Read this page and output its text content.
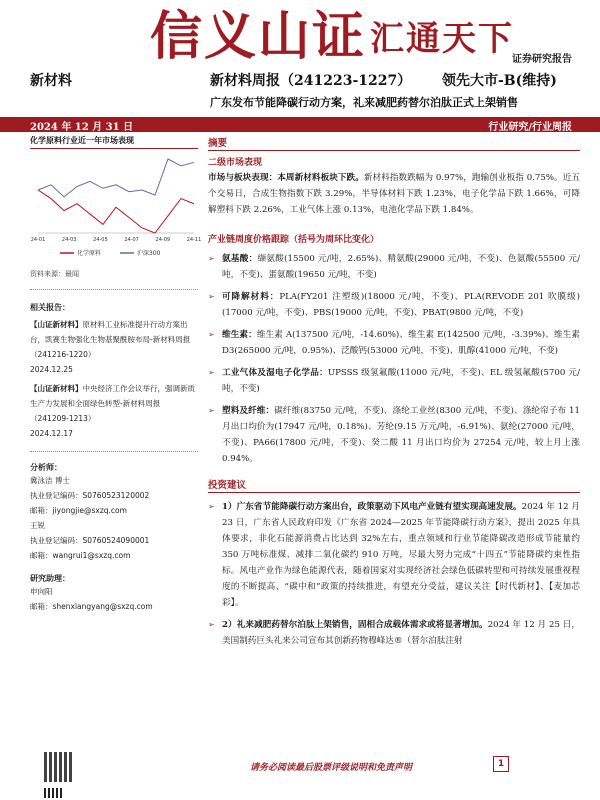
信义山证 汇通天下
证券研究报告
新材料	新材料周报（241223-1227） 领先大市-B(维持)
广东发布节能降碳行动方案，礼来减肥药替尔泊肽正式上架销售
2024 年 12 月 31 日	行业研究/行业周报
化学原料行业近一年市场表现
24-01	24-03	24-05	24-07	24-09	24-11
化学原料	沪深300
资料来源：最闻
相关报告：
【山证新材料】原材料工业标准提升行动方案出台，凯赛生物强化生物基聚酰胺布局-新材料周报（241216-1220）
2024.12.25
【山证新材料】中央经济工作会议举行，强调新质生产力发展和全面绿色转型-新材料周报（241209-1213）
2024.12.17
分析师：
冀泳洁 博士
执业登记编码：S0760523120002
邮箱：jiyongjie@sxzq.com
王锐
执业登记编码：S0760524090001
邮箱：wangrui1@sxzq.com
研究助理：
申向阳
邮箱：shenxiangyang@sxzq.com
摘要
二级市场表现
市场与板块表现：本周新材料板块下跌。新材料指数跌幅为 0.97%，跑输创业板指 0.75%。近五个交易日，合成生物指数下跌 3.29%，半导体材料下跌 1.23%，电子化学品下跌 1.66%，可降解塑料下跌 2.26%，工业气体上涨 0.13%，电池化学品下跌 1.84%。
产业链周度价格跟踪（括号为周环比变化）
➢ 氨基酸：缬氨酸(15500 元/吨，2.65%)、精氨酸(29000 元/吨，不变)、色氨酸(55500 元/吨，不变)、蛋氨酸(19650 元/吨，不变)
➢ 可降解材料：PLA(FY201 注塑级)(18000 元/吨，不变)、PLA(REVODE 201 吹膜级)(17000 元/吨，不变)、PBS(19000 元/吨，不变)、PBAT(9800 元/吨，不变)
➢ 维生素：维生素 A(137500 元/吨，-14.60%)、维生素 E(142500 元/吨，-3.39%)、维生素 D3(265000 元/吨，0.95%)、泛酸钙(53000 元/吨，不变)、肌醇(41000 元/吨，不变)
➢ 工业气体及湿电子化学品：UPSSS 级氢氟酸(11000 元/吨，不变)、EL 级氢氟酸(5700 元/吨，不变)
➢ 塑料及纤维：碳纤维(83750 元/吨，不变)、涤纶工业丝(8300 元/吨，不变)、涤纶帘子布 11 月出口均价为(17947 元/吨，0.18%)、芳纶(9.15 万元/吨，-6.91%)、氨纶(27000 元/吨，不变)、PA66(17800 元/吨，不变)、癸二酸 11 月出口均价为 27254 元/吨，较上月上涨 0.94%。
投资建议
➢ 1）广东省节能降碳行动方案出台，政策驱动下风电产业链有望实现高速发展。2024 年 12 月 23 日，广东省人民政府印发《广东省 2024—2025 年节能降碳行动方案》，提出 2025 年具体要求，非化石能源消费占比达到 32%左右，重点领域和行业节能降碳改造形成节能量约 350 万吨标准煤、减排二氧化碳约 910 万吨，尽最大努力完成“十四五”节能降碳约束性指标。风电产业作为绿色能源代表，随着国家对实现经济社会绿色低碳转型和可持续发展重视程度的不断提高、“碳中和”政策的持续推进，有望充分受益，建议关注【时代新材】、【麦加芯彩】。
➢ 2）礼来减肥药替尔泊肽上架销售，固相合成载体需求或将显著增加。2024 年 12 月 25 日，美国制药巨头礼来公司宣布其创新药物穆峰达®（替尔泊肽注射
请务必阅读最后股票评级说明和免责声明	1
